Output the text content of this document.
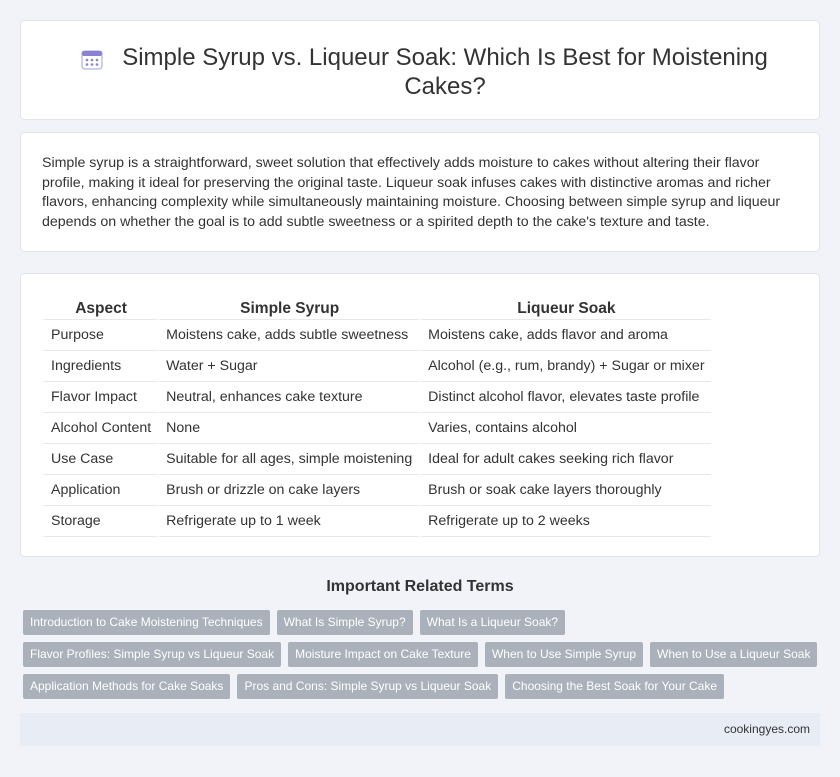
Simple Syrup vs. Liqueur Soak: Which Is Best for Moistening Cakes?

Simple syrup is a straightforward, sweet solution that effectively adds moisture to cakes without altering their flavor profile, making it ideal for preserving the original taste. Liqueur soak infuses cakes with distinctive aromas and richer flavors, enhancing complexity while simultaneously maintaining moisture. Choosing between simple syrup and liqueur depends on whether the goal is to add subtle sweetness or a spirited depth to the cake's texture and taste.

Aspect	Simple Syrup	Liqueur Soak
Purpose	Moistens cake, adds subtle sweetness	Moistens cake, adds flavor and aroma
Ingredients	Water + Sugar	Alcohol (e.g., rum, brandy) + Sugar or mixer
Flavor Impact	Neutral, enhances cake texture	Distinct alcohol flavor, elevates taste profile
Alcohol Content	None	Varies, contains alcohol
Use Case	Suitable for all ages, simple moistening	Ideal for adult cakes seeking rich flavor
Application	Brush or drizzle on cake layers	Brush or soak cake layers thoroughly
Storage	Refrigerate up to 1 week	Refrigerate up to 2 weeks
Important Related Terms
Introduction to Cake Moistening Techniques	What Is Simple Syrup?	What Is a Liqueur Soak?
Flavor Profiles: Simple Syrup vs Liqueur Soak	Moisture Impact on Cake Texture	When to Use Simple Syrup	When to Use a Liqueur Soak
Application Methods for Cake Soaks	Pros and Cons: Simple Syrup vs Liqueur Soak	Choosing the Best Soak for Your Cake
cookingyes.com
